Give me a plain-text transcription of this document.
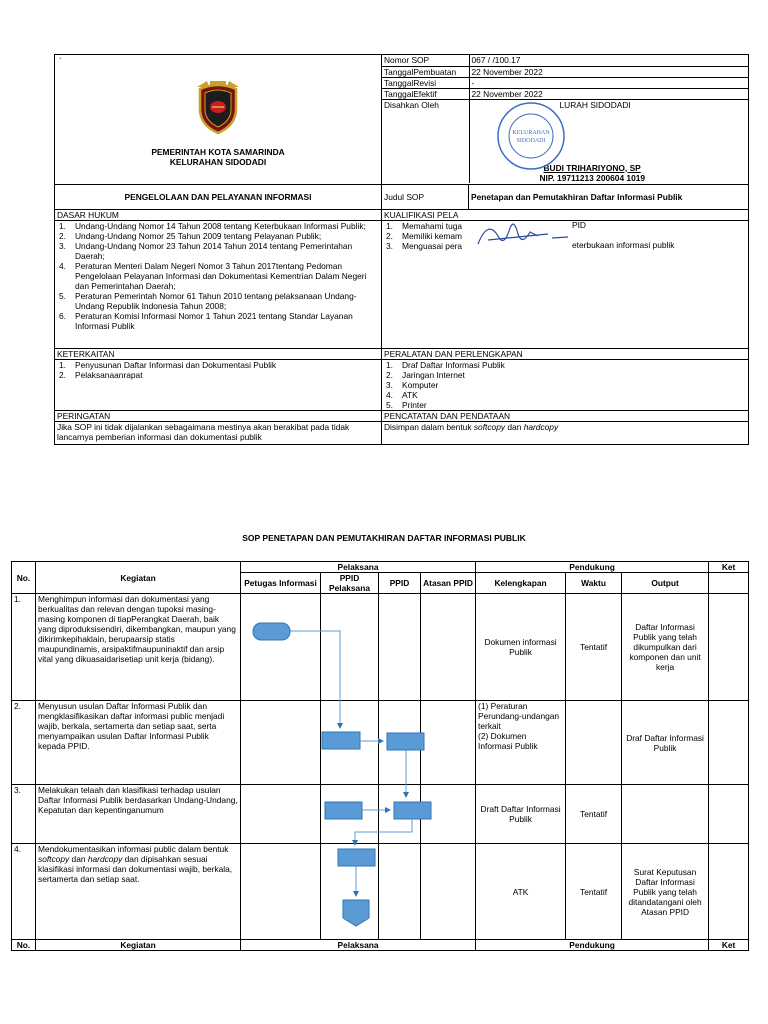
`
PEMERINTAH KOTA SAMARINDA
KELURAHAN SIDODADI

Nomor SOP	067 / /100.17
TanggalPembuatan	22 November 2022
TanggalRevisi	-
TanggalEfektif	22 November 2022
Disahkan Oleh	LURAH SIDODADI
BUDI TRIHARIYONO, SP
NIP. 19711213 200604 1019

PENGELOLAAN DAN PELAYANAN INFORMASI	Judul SOP	Penetapan dan Pemutakhiran Daftar Informasi Publik

DASAR HUKUM
1. Undang-Undang Nomor 14 Tahun 2008 tentang Keterbukaan Informasi Publik;
2. Undang-Undang Nomor 25 Tahun 2009 tentang Pelayanan Publik;
3. Undang-Undang Nomor 23 Tahun 2014 Tahun 2014 tentang Pemerintahan Daerah;
4. Peraturan Menteri Dalam Negeri Nomor 3 Tahun 2017tentang Pedoman Pengelolaan Pelayanan Informasi dan Dokumentasi Kementrian Dalam Negeri dan Pemerintahan Daerah;
5. Peraturan Pemerintah Nomor 61 Tahun 2010 tentang pelaksanaan Undang-Undang Republik Indonesia Tahun 2008;
6. Peraturan Komisi Informasi Nomor 1 Tahun 2021 tentang Standar Layanan Informasi Publik

KUALIFIKASI PELA
1. Memahami tuga
2. Memiliki kemam
3. Menguasai pera
PID
eterbukaan informasi publik

KETERKAITAN
1. Penyusunan Daftar Informasi dan Dokumentasi Publik
2. Pelaksanaanrapat

PERALATAN DAN PERLENGKAPAN
1. Draf Daftar Informasi Publik
2. Jaringan Internet
3. Komputer
4. ATK
5. Printer

PERINGATAN
Jika SOP ini tidak dijalankan sebagaimana mestinya akan berakibat pada tidak lancarnya pemberian informasi dan dokumentasi publik

PENCATATAN DAN PENDATAAN
Disimpan dalam bentuk softcopy dan hardcopy
KELURAHAN
SIDODADI
SOP PENETAPAN DAN PEMUTAKHIRAN DAFTAR INFORMASI PUBLIK
No.	Kegiatan	Pelaksana				Pendukung			Ket
		Petugas Informasi	PPID Pelaksana	PPID	Atasan PPID	Kelengkapan	Waktu	Output	
1.	Menghimpun informasi dan dokumentasi yang berkualitas dan relevan dengan tupoksi masing-masing komponen di tiapPerangkat Daerah, baik yang diproduksisendiri, dikembangkan, maupun yang dikirimkepihaklain, berupaarsip statis maupundinamis, arsipaktifmaupuninaktif dan arsip vital yang dikuasaidarisetiap unit kerja (bidang).					Dokumen informasi Publik	Tentatif	Daftar Informasi Publik yang telah dikumpulkan dari komponen dan unit kerja	
2.	Menyusun usulan Daftar Informasi Publik dan mengklasifikasikan daftar informasi public menjadi wajib, berkala, sertamerta dan setiap saat, serta menyampaikan usulan Daftar Informasi Publik kepada PPID.					(1) Peraturan Perundang-undangan terkait
(2) Dokumen Informasi Publik		Draf Daftar Informasi Publik	
3.	Melakukan telaah dan klasifikasi terhadap usulan Daftar Informasi Publik berdasarkan Undang-Undang, Kepatutan dan kepentinganumum					Draft Daftar Informasi Publik	Tentatif		
4.	Mendokumentasikan informasi public dalam bentuk softcopy dan hardcopy dan dipisahkan sesuai klasifikasi informasi dan dokumentasi wajib, berkala, sertamerta dan setiap saat.					ATK	Tentatif	Surat Keputusan Daftar Informasi Publik yang telah ditandatangani oleh Atasan PPID	
No.	Kegiatan	Pelaksana				Pendukung			Ket
